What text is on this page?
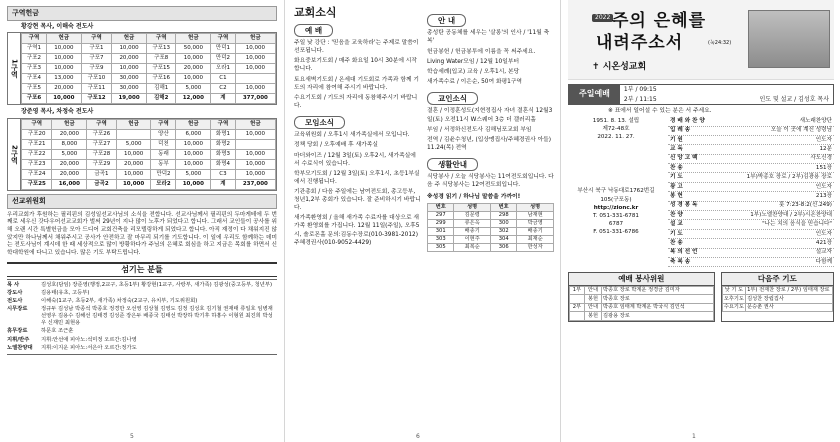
구역헌금
황강현 목사, 이해숙 전도사
1구역
구역	헌금	구역	헌금	구역	헌금	구역	헌금
구역1	10,000	구포1	10,000	구포13	50,000	만덕1	10,000
구포2	10,000	구포7	20,000	구포8	10,000	만덕2	10,000
구포3	10,000	구포9	10,000	구포15	20,000	오라1	10,000
구포4	13,000	구포10	30,000	구포16	10,000	C1	
구포5	20,000	구포11	30,000	김해1	5,000	C2	10,000
구포6	10,000	구포12	19,000	김해2	12,000	계	377,000
장준영 목사, 차정숙 전도사
2구역
구역	헌금	구역	헌금	구역	헌금	구역	헌금
구포20	20,000	구포26		양산	6,000	화명1	10,000
구포21	8,000	구포27	5,000	덕천	10,000	화명2	
구포22	5,000	구포28	10,000	동래	10,000	화명3	10,000
구포23	20,000	구포29	20,000	동부	10,000	화명4	10,000
구포24	20,000	금곡1	10,000	만덕2	5,000	C3	10,000
구포25	16,000	금곡2	10,000	모라2	10,000	계	237,000
선교위원회
우리교회가 후원하는 필리핀의 김성일선교사님의 소식을 전합니다. 선교사님께서 필리핀의 두마게테에 두 번째로 세우신 갓다우어선교교회가 벌써 29년이 지나 많이 노후가 되었다고 합니다. 그래서 교인들이 공사를 위해 오랜 시간 특별헌금을 모아 드디어 교회건축을 리모델링하게 되었다고 합니다. 아직 재정이 다 채워지진 않았지만 하나님께서 채워주시고 공사가 안전하고 잘 마무리 되기를 기도합니다. 이 일에 우리도 함께하는 데미는 전도사님이 계시데 한 때 세상적으로 많이 방황하다가 주님의 은혜로 회심을 하고 지금은 목회를 하면서 신학대학원에 다니고 있습니다. 많은 기도 부탁드립니다.
섬기는 분들
목 사	김성호(담임) 장준영(행정,2교구, 초등1부) 황강현(1교구, 사랑부, 새가족) 김광성(중고등부, 청년부)
강도사	김용태(유초, 고등부)
전도사	이해숙(1교구, 초등2부, 새가족) 차정숙(2교구, 유치부, 기도위원회)
시무장로	정규두 김성남 박종석 박종호 정경만 오선영 김상철 김영도 김정 김성호 김기철 권재태 류일호 임병재 선영우 김용수 김해선 김태경 김성준 장은두 배종국 김태선 박장하 박기후 하홍수 이형원 최진희 박성우 신재민 최현용
휴무장로	하문호 조근훈
지휘/반주	지휘:안선애 피아노:석미정 오르간:김나영
노엘찬양대	지휘:이지운 피아노:서은아 오르간:정가도
5
교회소식
예 배
주일 낮 강단 : '믿음을 교육하라'는 주제로 말씀이 선포됩니다.
화요중보기도회 / 매주 화요일 10시 30분에 시작합니다.
토요새벽기도회 / 온세대 기도회로 가족과 함께 기도의 자리에 참여해 주시기 바랍니다.
수요기도회 / 기도의 자리에 동참해주시기 바랍니다.
모임소식
교육위원회 / 오후1시 새가족실에서 모입니다.
정책 당회 / 오후예배 후 새가족실
마더와이즈 / 12월 3일(토) 오후2시, 새가족실에서 수료식이 있습니다.
학부모기도회 / 12월 3일(토) 오후1시, 초등1부실에서 진행됩니다.
기관총회 / 다음 주일에는 남여전도회, 총고등부, 청년1,2부 총회가 있습니다. 잘 준비하시기 바랍니다.
새가족환영회 / 올해 새가족 수료자를 대상으로 새가족 환영회를 가집니다. 12월 11일(주일), 오후5시, 솔로몬홀 문의:김동수장로(010-3981-2012) 주혜경권사(010-9052-4429)
안 내
총성탄 공동체를 세우는 '살롱'의 인사 / '11월 축복'
헌금봉헌 / 헌금봉투에 이름을 꼭 써주세요.
Living Water모임 / 12월 10일부터
학습세례(입교) 교육 / 오후1시, 본당
새가족수료 / 이은순, 50여 화평1구역
교인소식
결혼 / 이정훈성도(지현정집사 자녀 결혼식 12월3일(토) 오전11시 W스퀘어 3층 더 갤러리홀
부임 / 서정하신전도사 김해님포교회 부임
전역 / 김윤수청년, (입상맹집사/주혜경권사 아들) 11.24(목) 전역
생활안내
식당봉사 / 오늘 식당봉사는 11여전도회입니다. 다음 주 식당봉사는 12여전도회입니다.
※성경 읽기 / 하나님 말씀을 가까이!
번호	성명	번호	성명
297	김문령	298	남재현
299	류은옥	300	박금영
301	배종기	302	배종기
303	이현주	304	최재순
305	최복순	306	한성자
6
2022 주의 은혜를
내려주소서	(눅24:32)
✝ 시온성교회
주일예배	1부 / 09:15
2부 / 11:15	인도 및 설교 / 김성호 목사
※ 표에서 일어설 수 있는 분은 서 주세요.
1951. 8. 13. 설립
제72-48호
2022. 11. 27.
부산시 북구 낙동대로1762번길 105(구포동)
http://zionc.kr
T. 051-331-6781
6787
F. 051-331-6786
경 배 와 찬 양	새노래찬양단
입 례 송	오늘 이 곳에 계신 성령님
기 원	인도자
교 독	12분
신 앙 고 백	사도신경
찬 송	151장
기 도	1부)박종호 장로 / 2부)김광용 장로
광 고	인도자
봉 헌	213장
성 경 봉 독	룻 7:23-8:2(신.249)
찬 양	1부)노엘찬양대 / 2부)시온찬양대
설 교	"나는 치의 음식을 믿습니다"
기 도	인도자
찬 송	421장
복 의 선 언	설교자
축 복 송	다함께
예배 봉사위원
1부	안내	박종호 장로 박계운 정경금 김미자
	봉헌	박종호 장로
2부	안내	박종호 임태계 박계운 박국식 김인석
	봉헌	김광용 장로
다음주 기도
낮 기 도	1부) 전재찬 장로 / 2부) 임태재 장로
오후기도	김성찬 장립집사
수요기도	문승춘 권사
1
